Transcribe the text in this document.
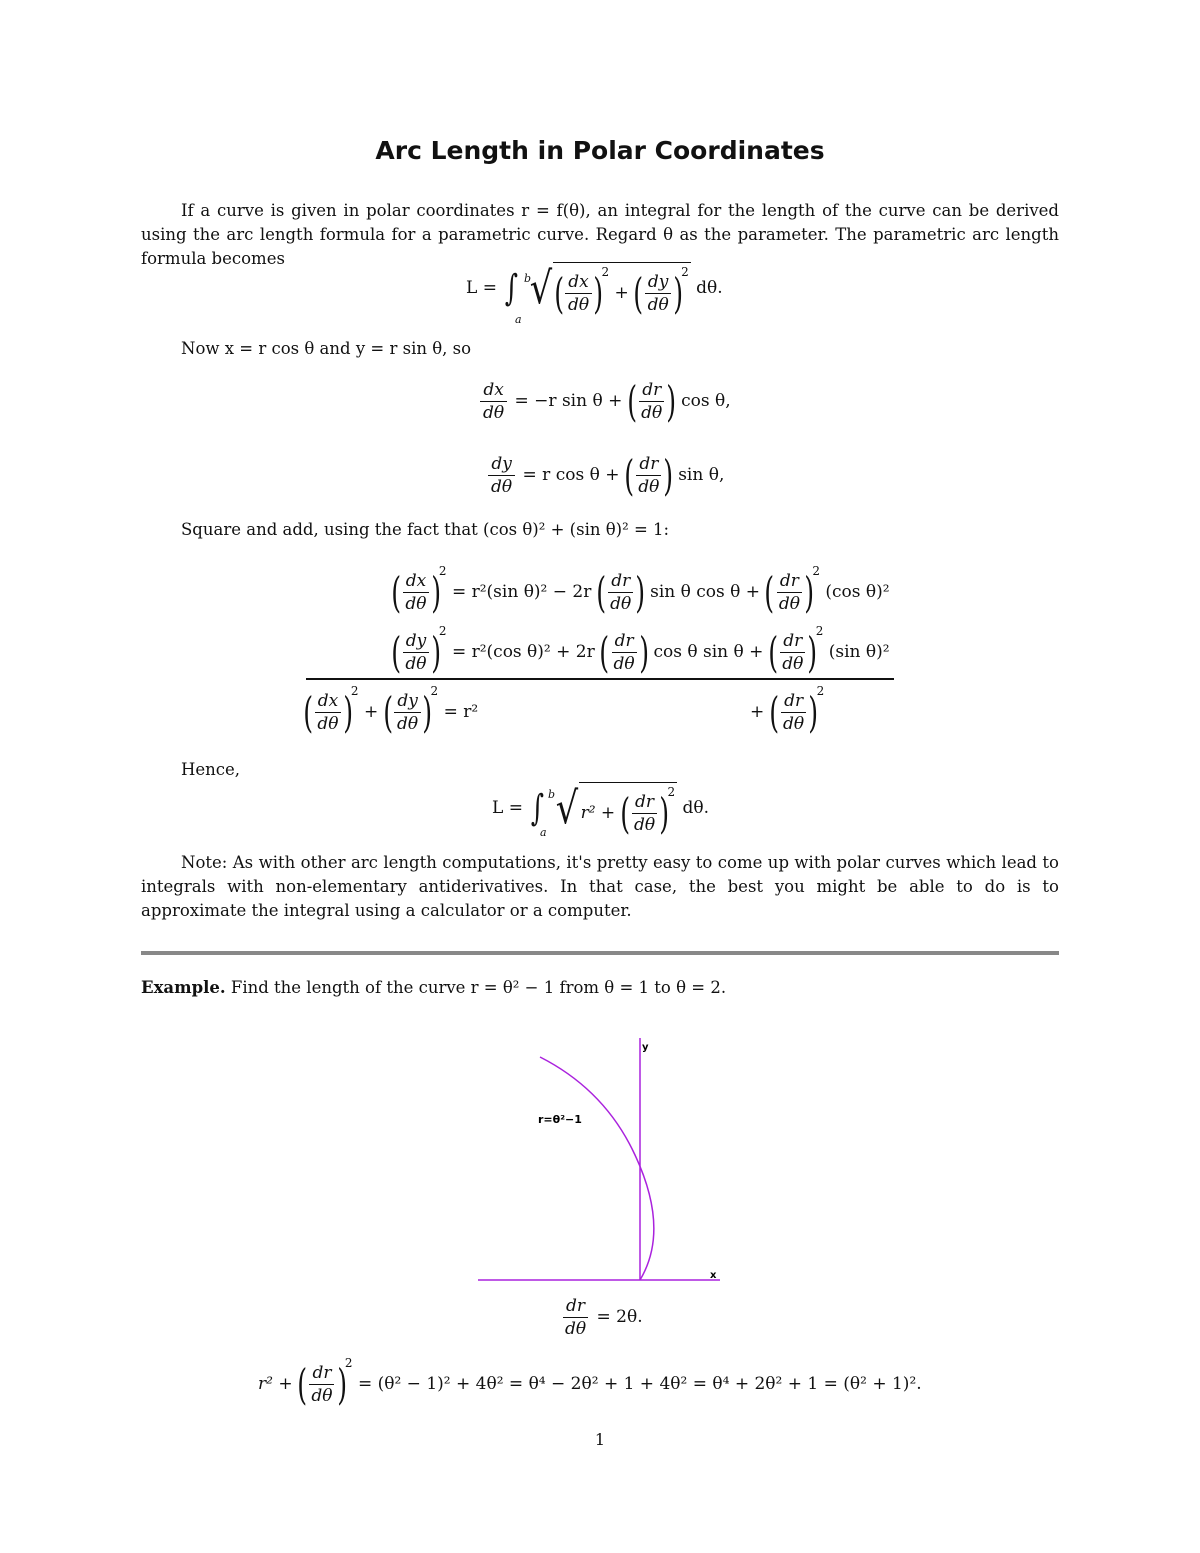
Arc Length in Polar Coordinates
If a curve is given in polar coordinates r = f(θ), an integral for the length of the curve can be derived using the arc length formula for a parametric curve. Regard θ as the parameter. The parametric arc length formula becomes
L = ∫ √( $\frac{dx}{d\theta} )^2$ + ( $\frac{dy}{d\theta} )^2$ dθ.
b
a
Now x = r cos θ and y = r sin θ, so
$\frac{dx}{d\theta} = -r$ sin θ + ( $\frac{dr}{d\theta}$ ) cos θ,
$\frac{dy}{d\theta} = r$ cos θ + ( $\frac{dr}{d\theta}$ ) sin θ,
Square and add, using the fact that (cos θ)² + (sin θ)² = 1:
( $\frac{dx}{d\theta} )^2 = r^2(\sin$ θ)² − 2r ( $\frac{dr}{d\theta}$ ) sin θ cos θ + ( $\frac{dr}{d\theta} )^2$ (cos θ)²
( $\frac{dy}{d\theta} )^2 = r^2(\cos$ θ)² + 2r ( $\frac{dr}{d\theta}$ ) cos θ sin θ + ( $\frac{dr}{d\theta} )^2$ (sin θ)²
( $\frac{dx}{d\theta} )^2$ + ( $\frac{dy}{d\theta} )^2 = r^2$	+ ( $\frac{dr}{d\theta} )^2$
Hence,
L = ∫ √ r² + ( $\frac{dr}{d\theta} )^2$ dθ.
b
a
Note: As with other arc length computations, it's pretty easy to come up with polar curves which lead to integrals with non-elementary antiderivatives. In that case, the best you might be able to do is to approximate the integral using a calculator or a computer.
Example. Find the length of the curve r = θ² − 1 from θ = 1 to θ = 2.
y
x
r=θ²−1
$\frac{dr}{d\theta} = 2\theta$.
r² + ( $\frac{dr}{d\theta} )^2 = (\theta^2 - 1)^2 + 4\theta^2 = \theta^4 - 2\theta^2 + 1 + 4\theta^2 = \theta^4 + 2\theta^2 + 1 = (\theta^2 + 1)^2$.
1
